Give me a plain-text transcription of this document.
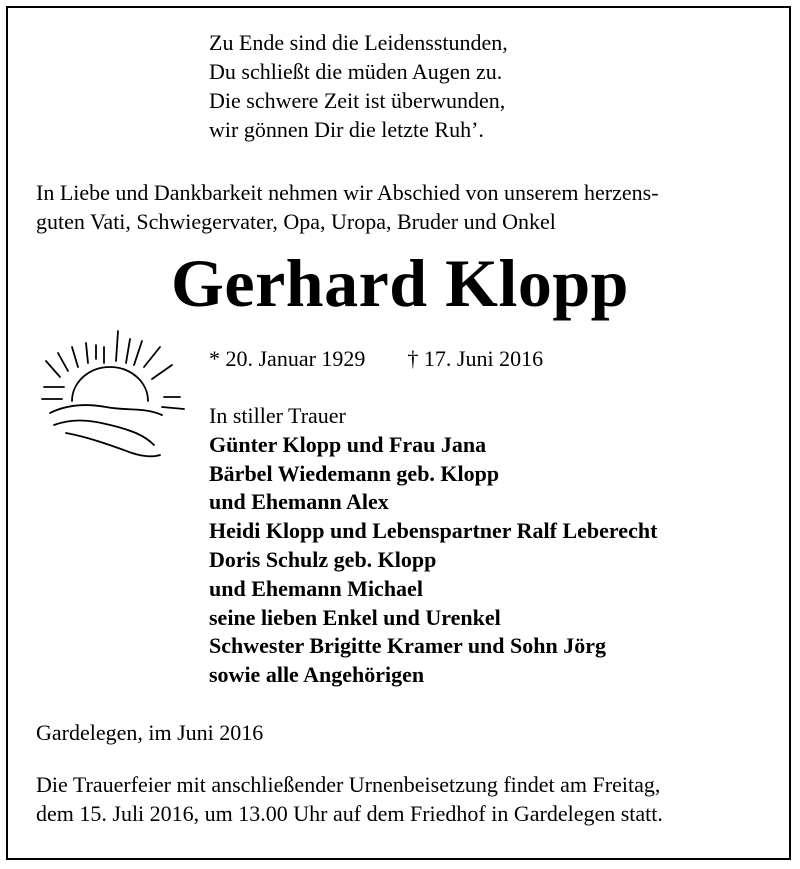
Zu Ende sind die Leidensstunden,
Du schließt die müden Augen zu.
Die schwere Zeit ist überwunden,
wir gönnen Dir die letzte Ruh’.
In Liebe und Dankbarkeit nehmen wir Abschied von unserem herzens-
guten Vati, Schwiegervater, Opa, Uropa, Bruder und Onkel
Gerhard Klopp
* 20. Januar 1929 † 17. Juni 2016
In stiller Trauer
Günter Klopp und Frau Jana
Bärbel Wiedemann geb. Klopp
und Ehemann Alex
Heidi Klopp und Lebenspartner Ralf Leberecht
Doris Schulz geb. Klopp
und Ehemann Michael
seine lieben Enkel und Urenkel
Schwester Brigitte Kramer und Sohn Jörg
sowie alle Angehörigen
Gardelegen, im Juni 2016
Die Trauerfeier mit anschließender Urnenbeisetzung findet am Freitag,
dem 15. Juli 2016, um 13.00 Uhr auf dem Friedhof in Gardelegen statt.
